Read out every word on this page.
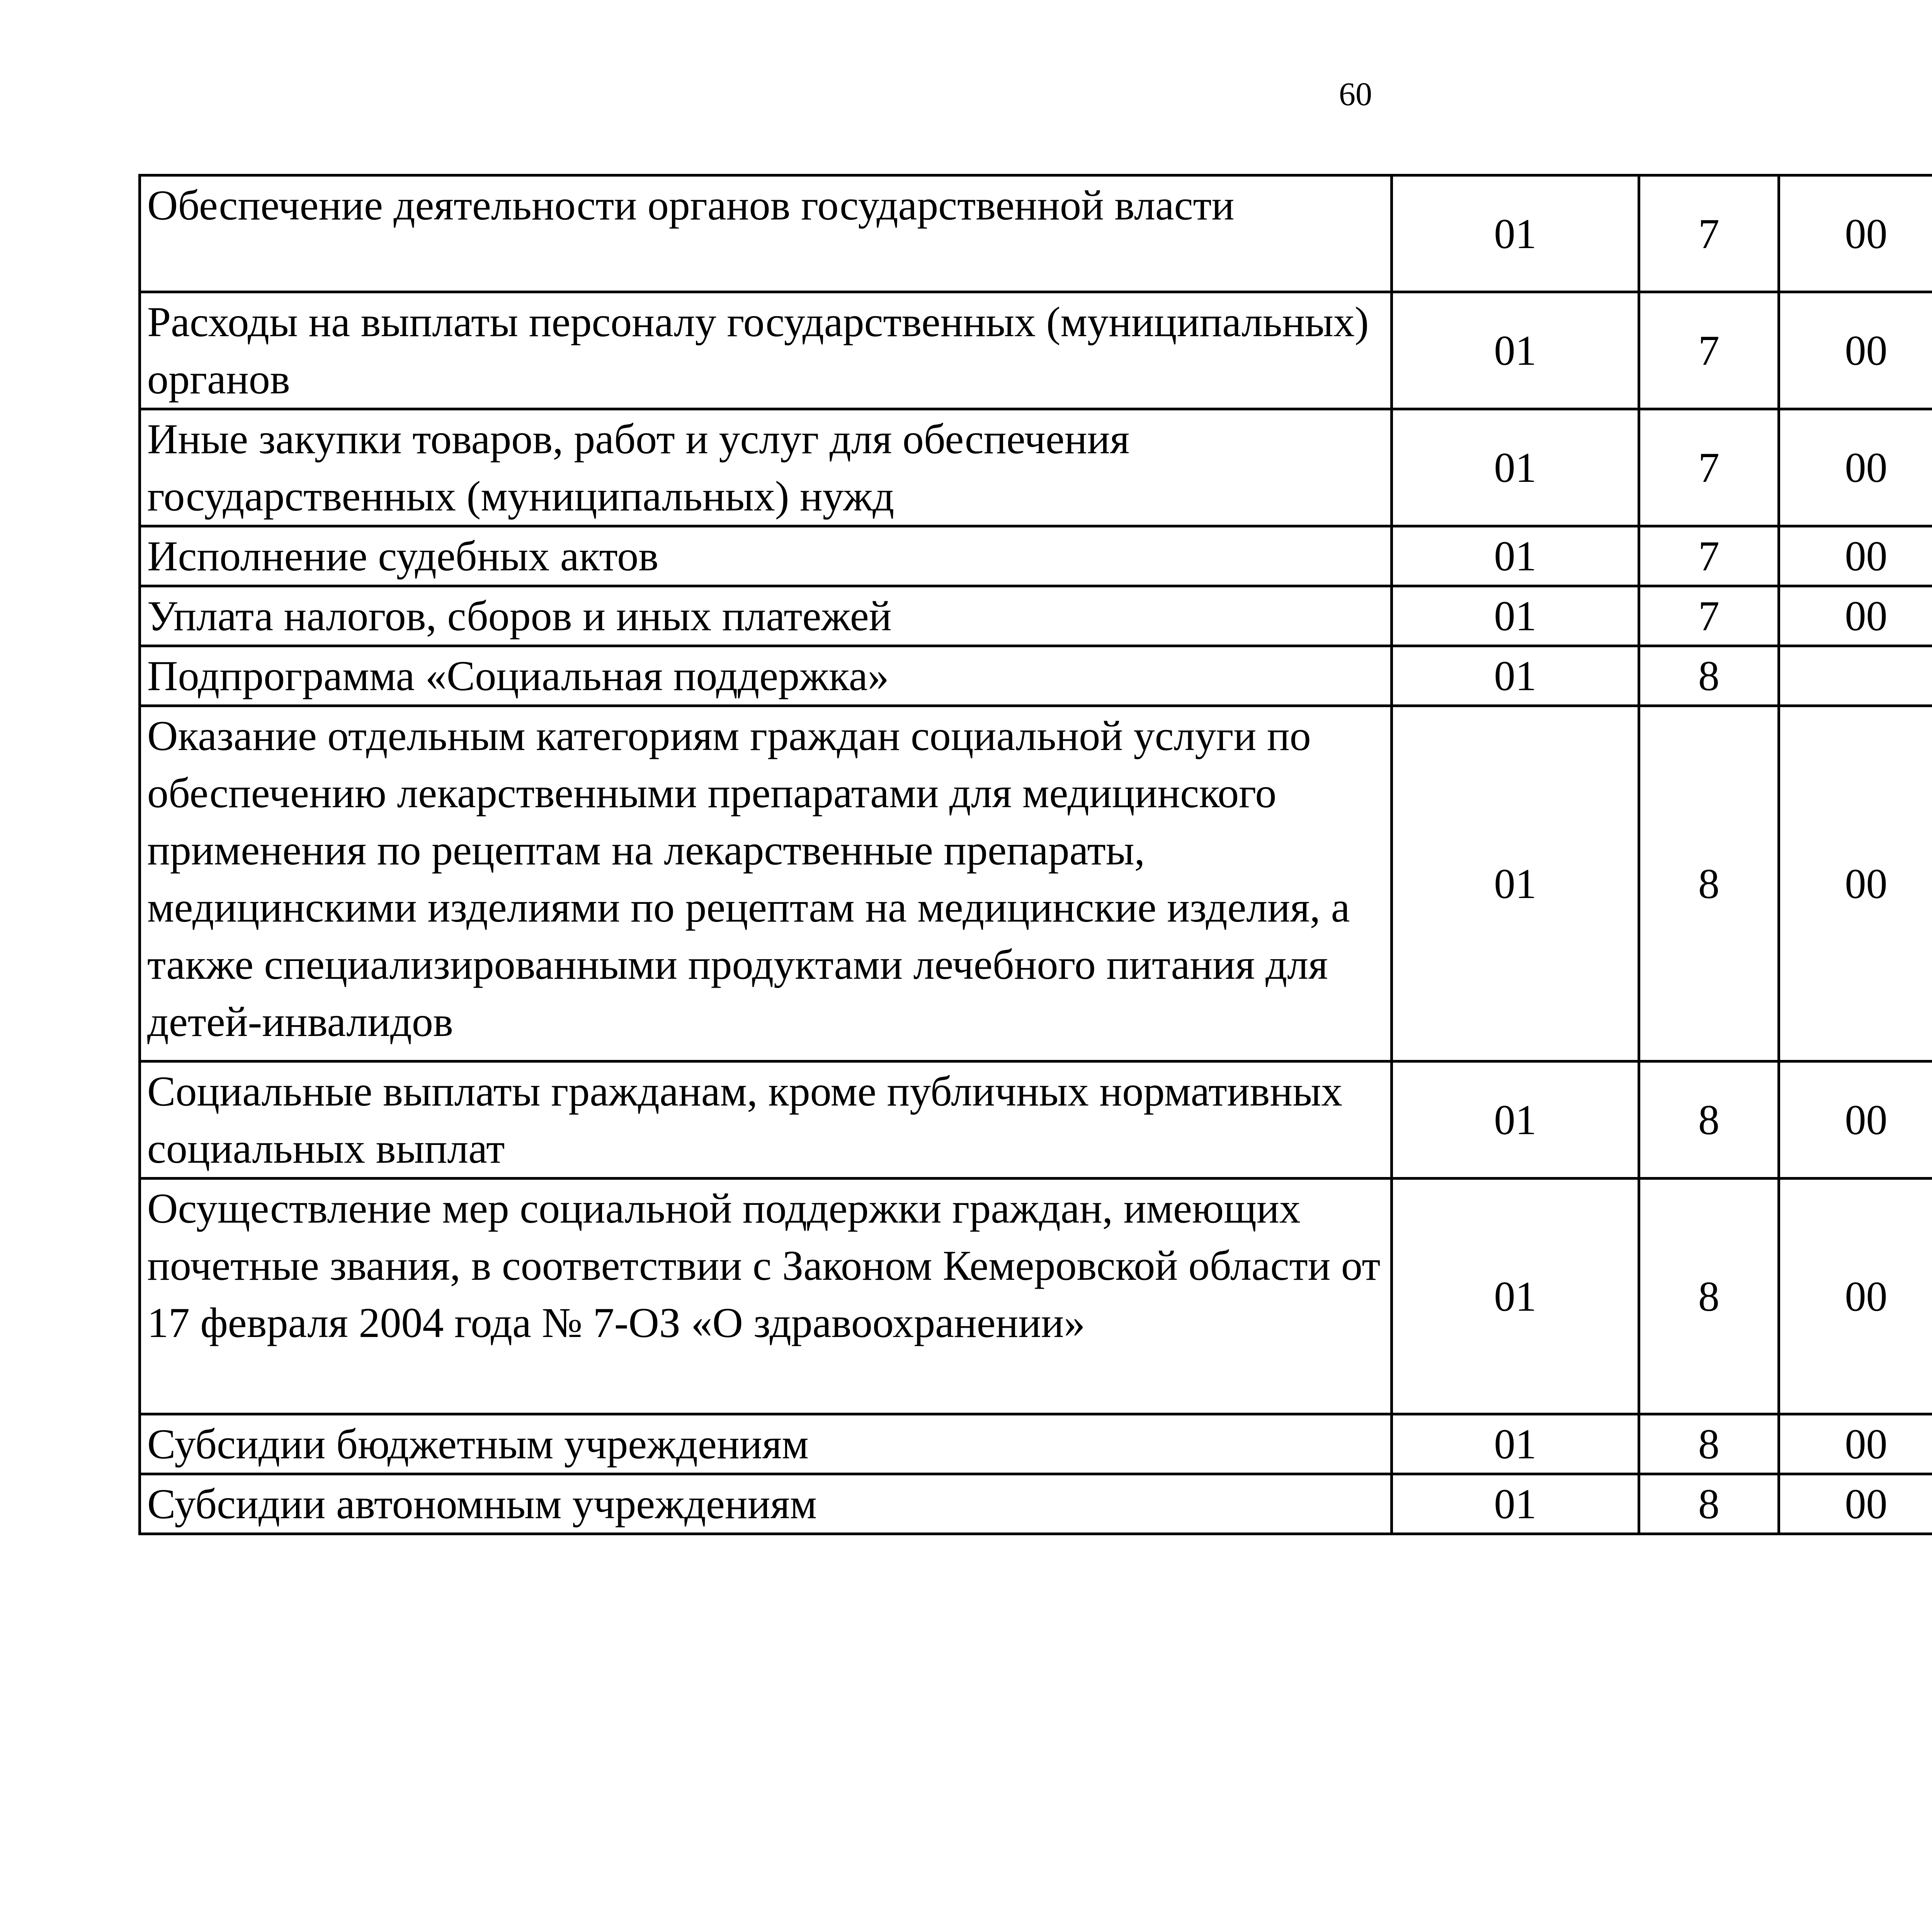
60
Обеспечение деятельности органов государственной власти	01	7	00			
Расходы на выплаты персоналу государственных (муниципальных) органов	01	7	00			
Иные закупки товаров, работ и услуг для обеспечения государственных (муниципальных) нужд	01	7	00			
Исполнение судебных актов	01	7	00			
Уплата налогов, сборов и иных платежей	01	7	00			
Подпрограмма «Социальная поддержка»	01	8				
Оказание отдельным категориям граждан социальной услуги по обеспечению лекарственными препаратами для медицинского применения по рецептам на лекарственные препараты, медицинскими изделиями по рецептам на медицинские изделия, а также специализированными продуктами лечебного питания для детей-инвалидов	01	8	00			
Социальные выплаты гражданам, кроме публичных нормативных социальных выплат	01	8	00			
Осуществление мер социальной поддержки граждан, имеющих почетные звания, в соответствии с Законом Кемеровской области от 17 февраля 2004 года № 7-ОЗ «О здравоохранении»	01	8	00			
Субсидии бюджетным учреждениям	01	8	00			
Субсидии автономным учреждениям	01	8	00			
